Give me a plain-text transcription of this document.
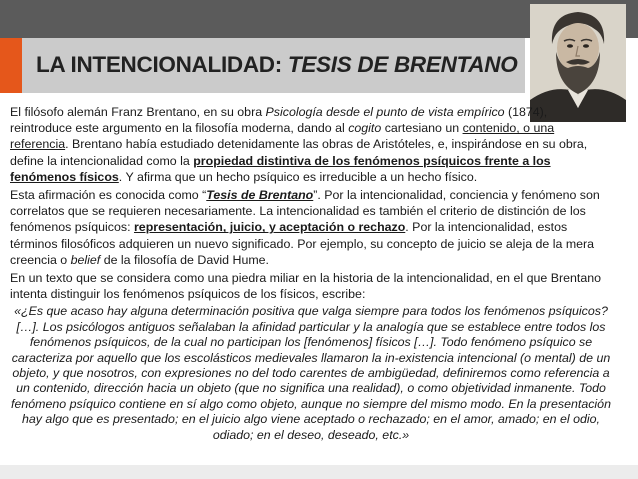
LA INTENCIONALIDAD: TESIS DE BRENTANO

El filósofo alemán Franz Brentano, en su obra Psicología desde el punto de vista empírico (1874), reintroduce este argumento en la filosofía moderna, dando al cogito cartesiano un contenido, o una referencia. Brentano había estudiado detenidamente las obras de Aristóteles, e, inspirándose en su obra, define la intencionalidad como la propiedad distintiva de los fenómenos psíquicos frente a los fenómenos físicos. Y afirma que un hecho psíquico es irreducible a un hecho físico.

Esta afirmación es conocida como “Tesis de Brentano”. Por la intencionalidad, conciencia y fenómeno son correlatos que se requieren necesariamente. La intencionalidad es también el criterio de distinción de los fenómenos psíquicos: representación, juicio, y aceptación o rechazo. Por la intencionalidad, estos términos filosóficos adquieren un nuevo significado. Por ejemplo, su concepto de juicio se aleja de la mera creencia o belief de la filosofía de David Hume.

En un texto que se considera como una piedra miliar en la historia de la intencionalidad, en el que Brentano intenta distinguir los fenómenos psíquicos de los físicos, escribe:

«¿Es que acaso hay alguna determinación positiva que valga siempre para todos los fenómenos psíquicos? […]. Los psicólogos antiguos señalaban la afinidad particular y la analogía que se establece entre todos los fenómenos psíquicos, de la cual no participan los [fenómenos] físicos […]. Todo fenómeno psíquico se caracteriza por aquello que los escolásticos medievales llamaron la in-existencia intencional (o mental) de un objeto, y que nosotros, con expresiones no del todo carentes de ambigüedad, definiremos como referencia a un contenido, dirección hacia un objeto (que no significa una realidad), o como objetividad inmanente. Todo fenómeno psíquico contiene en sí algo como objeto, aunque no siempre del mismo modo. En la presentación hay algo que es presentado; en el juicio algo viene aceptado o rechazado; en el amor, amado; en el odio, odiado; en el deseo, deseado, etc.»
